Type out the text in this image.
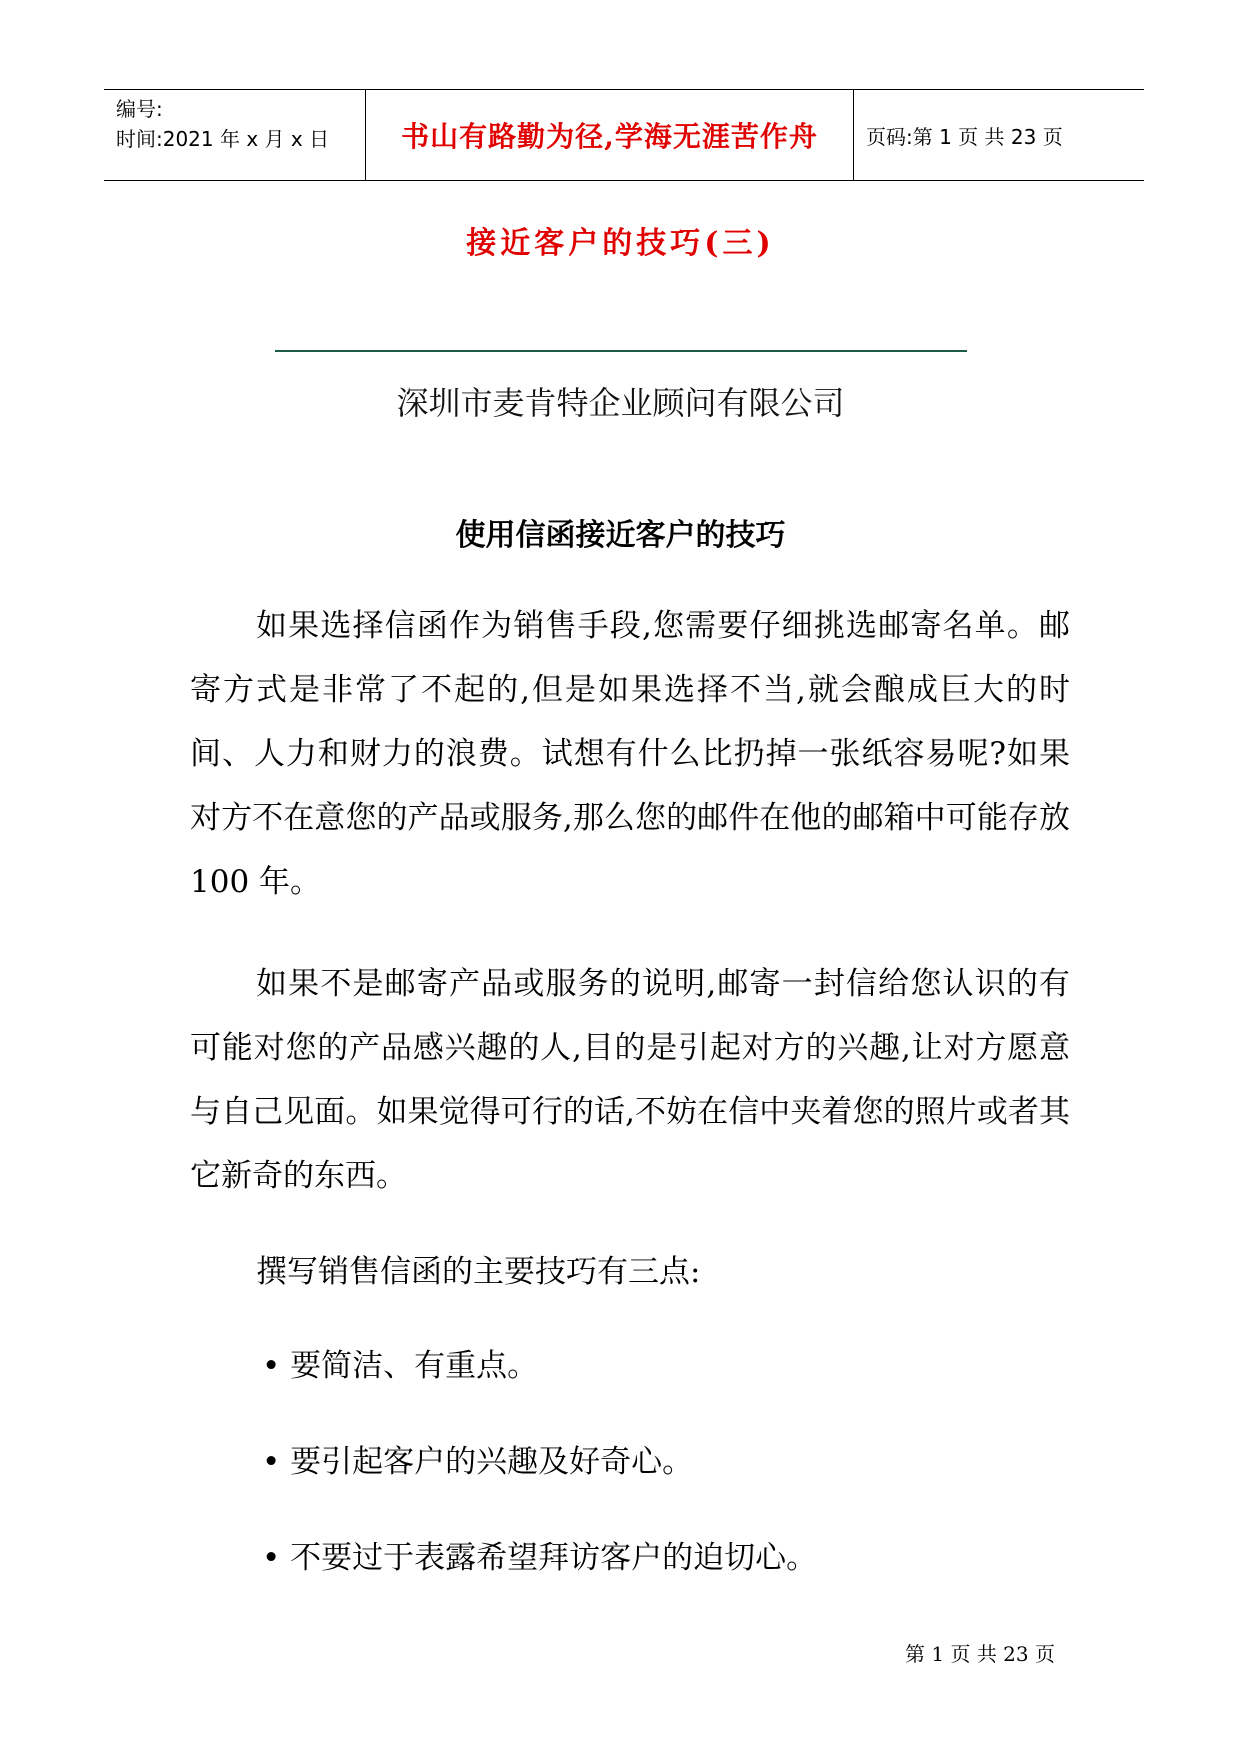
编号:
时间:2021 年 x 月 x 日	书山有路勤为径,学海无涯苦作舟	页码:第 1 页 共 23 页
接近客户的技巧(三)
深圳市麦肯特企业顾问有限公司
使用信函接近客户的技巧

如果选择信函作为销售手段,您需要仔细挑选邮寄名单。邮寄方式是非常了不起的,但是如果选择不当,就会酿成巨大的时间、人力和财力的浪费。试想有什么比扔掉一张纸容易呢?如果对方不在意您的产品或服务,那么您的邮件在他的邮箱中可能存放 100 年。

如果不是邮寄产品或服务的说明,邮寄一封信给您认识的有可能对您的产品感兴趣的人,目的是引起对方的兴趣,让对方愿意与自己见面。如果觉得可行的话,不妨在信中夹着您的照片或者其它新奇的东西。

撰写销售信函的主要技巧有三点:

• 要简洁、有重点。
• 要引起客户的兴趣及好奇心。
• 不要过于表露希望拜访客户的迫切心。
第 1 页 共 23 页
